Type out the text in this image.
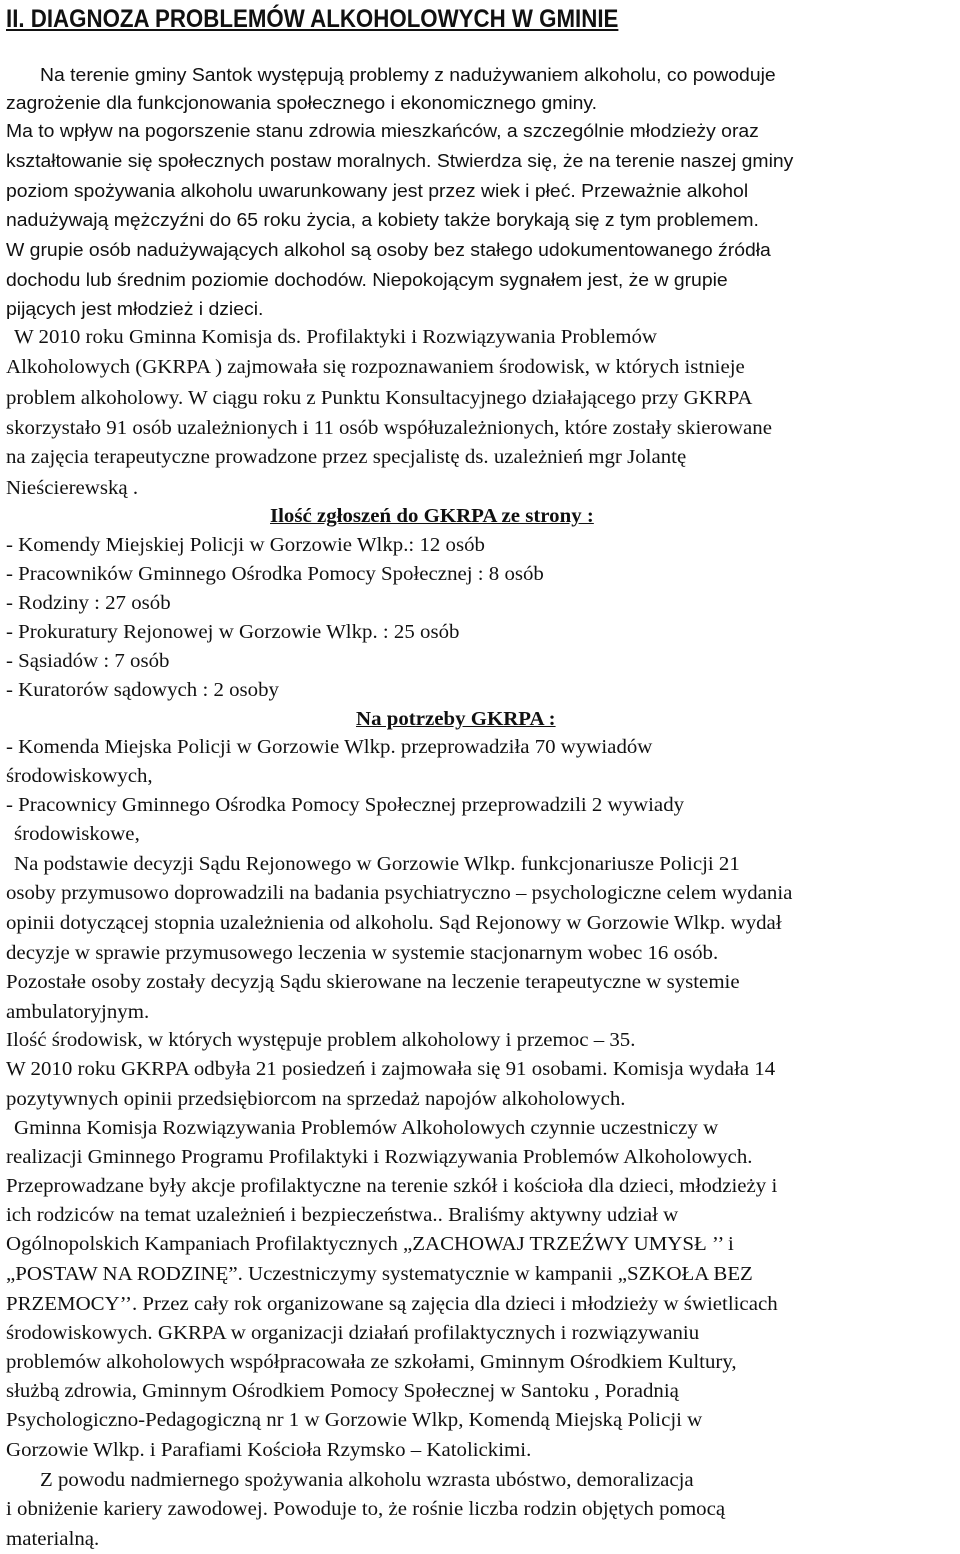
II. DIAGNOZA PROBLEMÓW ALKOHOLOWYCH W GMINIE
Na terenie gminy Santok występują problemy z nadużywaniem alkoholu, co powoduje
zagrożenie dla funkcjonowania społecznego i ekonomicznego gminy.
Ma to wpływ na pogorszenie stanu zdrowia mieszkańców, a szczególnie młodzieży oraz
kształtowanie się społecznych postaw moralnych. Stwierdza się, że na terenie naszej gminy
poziom spożywania alkoholu uwarunkowany jest przez wiek i płeć. Przeważnie alkohol
nadużywają mężczyźni do 65 roku życia, a kobiety także borykają się z tym problemem.
W grupie osób nadużywających alkohol są osoby bez stałego udokumentowanego źródła
dochodu lub średnim poziomie dochodów. Niepokojącym sygnałem jest, że w grupie
pijących jest młodzież i dzieci.
W 2010 roku Gminna Komisja ds. Profilaktyki i Rozwiązywania Problemów
Alkoholowych (GKRPA ) zajmowała się rozpoznawaniem środowisk, w których istnieje
problem alkoholowy. W ciągu roku z Punktu Konsultacyjnego działającego przy GKRPA
skorzystało 91 osób uzależnionych i 11 osób współuzależnionych, które zostały skierowane
na zajęcia terapeutyczne prowadzone przez specjalistę ds. uzależnień mgr Jolantę
Nieścierewską .
Ilość zgłoszeń do GKRPA ze strony :
- Komendy Miejskiej Policji w Gorzowie Wlkp.: 12 osób
- Pracowników Gminnego Ośrodka Pomocy Społecznej : 8 osób
- Rodziny : 27 osób
- Prokuratury Rejonowej w Gorzowie Wlkp. : 25 osób
- Sąsiadów : 7 osób
- Kuratorów sądowych : 2 osoby
Na potrzeby GKRPA :
- Komenda Miejska Policji w Gorzowie Wlkp. przeprowadziła 70 wywiadów
środowiskowych,
- Pracownicy Gminnego Ośrodka Pomocy Społecznej przeprowadzili 2 wywiady
środowiskowe,
Na podstawie decyzji Sądu Rejonowego w Gorzowie Wlkp. funkcjonariusze Policji 21
osoby przymusowo doprowadzili na badania psychiatryczno – psychologiczne celem wydania
opinii dotyczącej stopnia uzależnienia od alkoholu. Sąd Rejonowy w Gorzowie Wlkp. wydał
decyzje w sprawie przymusowego leczenia w systemie stacjonarnym wobec 16 osób.
Pozostałe osoby zostały decyzją Sądu skierowane na leczenie terapeutyczne w systemie
ambulatoryjnym.
Ilość środowisk, w których występuje problem alkoholowy i przemoc – 35.
W 2010 roku GKRPA odbyła 21 posiedzeń i zajmowała się 91 osobami. Komisja wydała 14
pozytywnych opinii przedsiębiorcom na sprzedaż napojów alkoholowych.
Gminna Komisja Rozwiązywania Problemów Alkoholowych czynnie uczestniczy w
realizacji Gminnego Programu Profilaktyki i Rozwiązywania Problemów Alkoholowych.
Przeprowadzane były akcje profilaktyczne na terenie szkół i kościoła dla dzieci, młodzieży i
ich rodziców na temat uzależnień i bezpieczeństwa.. Braliśmy aktywny udział w
Ogólnopolskich Kampaniach Profilaktycznych „ZACHOWAJ TRZEŹWY UMYSŁ ’’ i
„POSTAW NA RODZINĘ”. Uczestniczymy systematycznie w kampanii „SZKOŁA BEZ
PRZEMOCY’’. Przez cały rok organizowane są zajęcia dla dzieci i młodzieży w świetlicach
środowiskowych. GKRPA w organizacji działań profilaktycznych i rozwiązywaniu
problemów alkoholowych współpracowała ze szkołami, Gminnym Ośrodkiem Kultury,
służbą zdrowia, Gminnym Ośrodkiem Pomocy Społecznej w Santoku , Poradnią
Psychologiczno-Pedagogiczną nr 1 w Gorzowie Wlkp, Komendą Miejską Policji w
Gorzowie Wlkp. i Parafiami Kościoła Rzymsko – Katolickimi.
Z powodu nadmiernego spożywania alkoholu wzrasta ubóstwo, demoralizacja
i obniżenie kariery zawodowej. Powoduje to, że rośnie liczba rodzin objętych pomocą
materialną.
